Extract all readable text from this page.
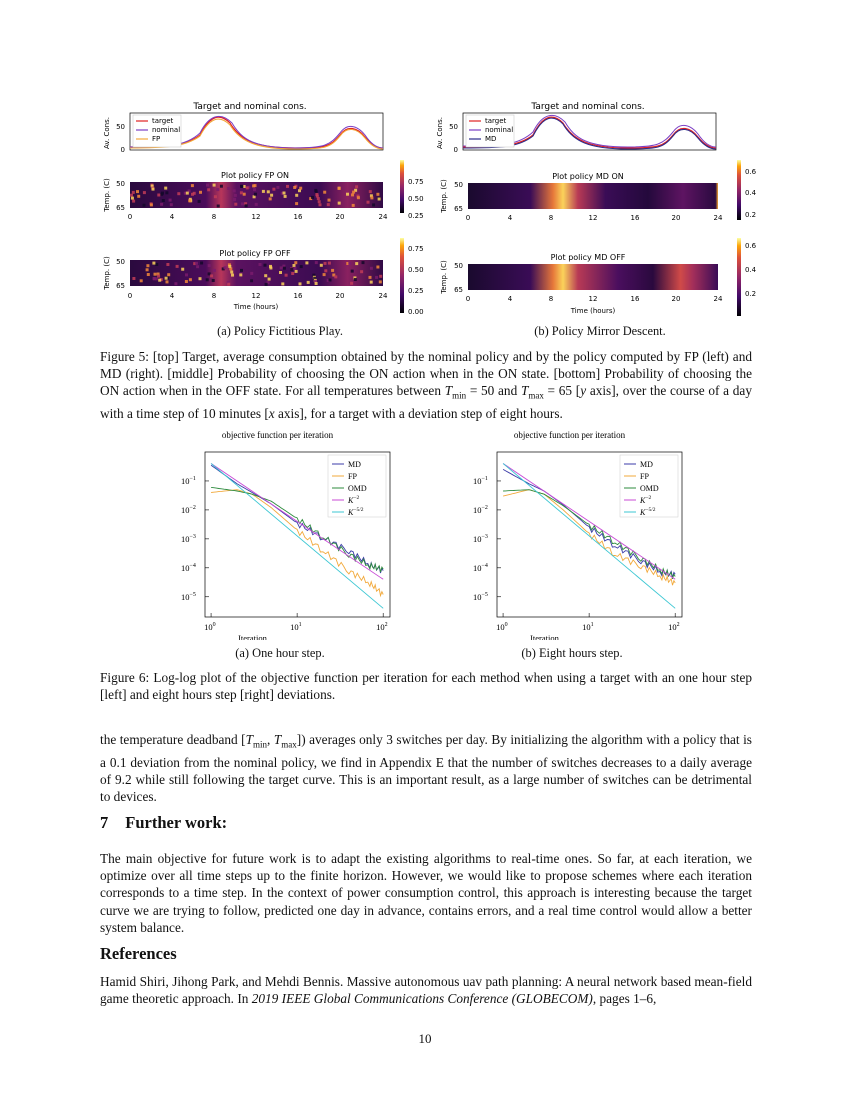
Target and nominal cons.
Av. Cons. 50
0
target
nominal
FP
Plot policy FP ON
Temp. (C) 50
65
0	4	8	12	16	20	24
0.75
0.50
0.25
Plot policy FP OFF
Temp. (C) 50
65
0	4	8	12	16	20	24
Time (hours)
0.75
0.50
0.25
0.00
Target and nominal cons.
Av. Cons. 50
0
target
nominal
MD
Plot policy MD ON
Temp. (C) 50
65
0	4	8	12	16	20	24
0.6
0.4
0.2
Plot policy MD OFF
Temp. (C) 50
65
0	4	8	12	16	20	24
Time (hours)
0.6
0.4
0.2
(a) Policy Fictitious Play.	(b) Policy Mirror Descent.

Figure 5: [top] Target, average consumption obtained by the nominal policy and by the policy computed by FP (left) and MD (right). [middle] Probability of choosing the ON action when in the ON state. [bottom] Probability of choosing the ON action when in the OFF state. For all temperatures between $T_{min} = 50$ and $T_{max} = 65$ [y axis], over the course of a day with a time step of 10 minutes [x axis], for a target with a deviation step of eight hours.

objective function per iteration
$10^{-1}$
$10^{-2}$
$10^{-3}$
$10^{-4}$
$10^{-5}$
$10^0$	$10^1$	$10^2$
Iteration
MD
FP
OMD
$K^{-2}$
$K^{-5/2}$
objective function per iteration
$10^{-1}$
$10^{-2}$
$10^{-3}$
$10^{-4}$
$10^{-5}$
$10^0$	$10^1$	$10^2$
Iteration
MD
FP
OMD
$K^{-2}$
$K^{-5/2}$
(a) One hour step.	(b) Eight hours step.

Figure 6: Log-log plot of the objective function per iteration for each method when using a target with an one hour step [left] and eight hours step [right] deviations.

the temperature deadband [$T_{min}$, $T_{max}$]) averages only 3 switches per day. By initializing the algorithm with a policy that is a 0.1 deviation from the nominal policy, we find in Appendix E that the number of switches decreases to a daily average of 9.2 while still following the target curve. This is an important result, as a large number of switches can be detrimental to devices.

7 Further work:

The main objective for future work is to adapt the existing algorithms to real-time ones. So far, at each iteration, we optimize over all time steps up to the finite horizon. However, we would like to propose schemes where each iteration corresponds to a time step. In the context of power consumption control, this approach is interesting because the target curve we are trying to follow, predicted one day in advance, contains errors, and a real time control would allow a better system balance.

References

Hamid Shiri, Jihong Park, and Mehdi Bennis. Massive autonomous uav path planning: A neural network based mean-field game theoretic approach. In 2019 IEEE Global Communications Conference (GLOBECOM), pages 1–6,

10
